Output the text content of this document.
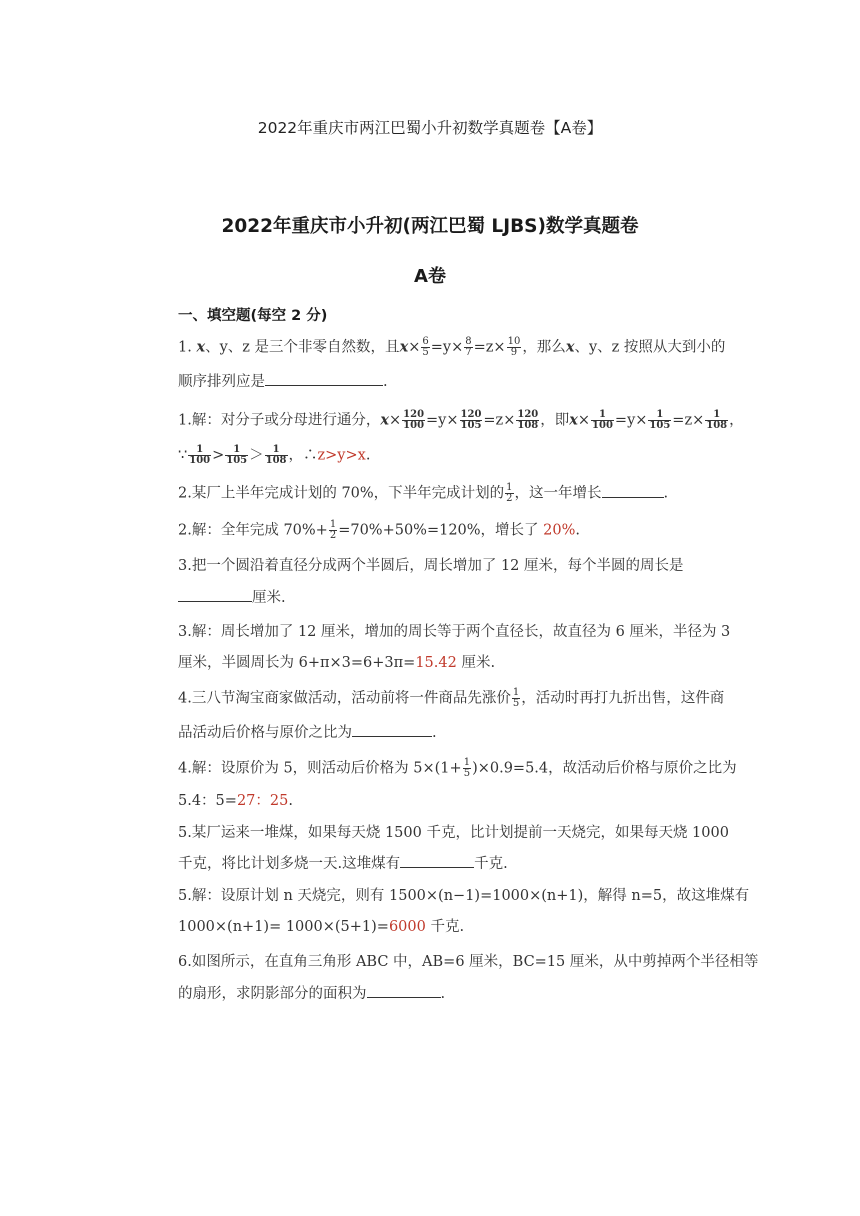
2022年重庆市两江巴蜀小升初数学真题卷【A卷】
2022年重庆市小升初(两江巴蜀 LJBS)数学真题卷
A卷
一、填空题(每空 2 分)
1. x、y、z 是三个非零自然数，且$x\times \frac{6}{5} =y\times \frac{8}{7} =z\times \frac{10}{9}$ ，那么x、y、z 按照从大到小的
顺序排列应是	.
1.解：对分子或分母进行通分，$x\times \frac{120}{100} =y\times \frac{120}{105} =z\times \frac{120}{108}$ ，即$x\times \frac{1}{100} =y\times \frac{1}{105} =z\times \frac{1}{108}$ ，
∵ $\frac{1}{100} > \frac{1}{105} > \frac{1}{108}$ ，∴z>y>x.
2.某厂上半年完成计划的 70%，下半年完成计划的 $\frac{1}{2}$ ，这一年增长	.
2.解：全年完成 $70\%+ \frac{1}{2} =70\%+50\%=120\%$，增长了 20%.
3.把一个圆沿着直径分成两个半圆后，周长增加了 12 厘米，每个半圆的周长是
厘米.
3.解：周长增加了 12 厘米，增加的周长等于两个直径长，故直径为 6 厘米，半径为 3
厘米，半圆周长为 6+π×3=6+3π=15.42 厘米.
4.三八节淘宝商家做活动，活动前将一件商品先涨价 $\frac{1}{5}$ ，活动时再打九折出售，这件商
品活动后价格与原价之比为	.
4.解：设原价为 5，则活动后价格为 $5\times(1+ \frac{1}{5} )\times 0.9=5.4$，故活动后价格与原价之比为
5.4：5=27：25.
5.某厂运来一堆煤，如果每天烧 1500 千克，比计划提前一天烧完，如果每天烧 1000
千克，将比计划多烧一天.这堆煤有	千克.
5.解：设原计划 n 天烧完，则有 1500×(n−1)=1000×(n+1)，解得 n=5，故这堆煤有
1000×(n+1)= 1000×(5+1)=6000 千克.
6.如图所示，在直角三角形 ABC 中，AB=6 厘米，BC=15 厘米，从中剪掉两个半径相等
的扇形，求阴影部分的面积为	.
